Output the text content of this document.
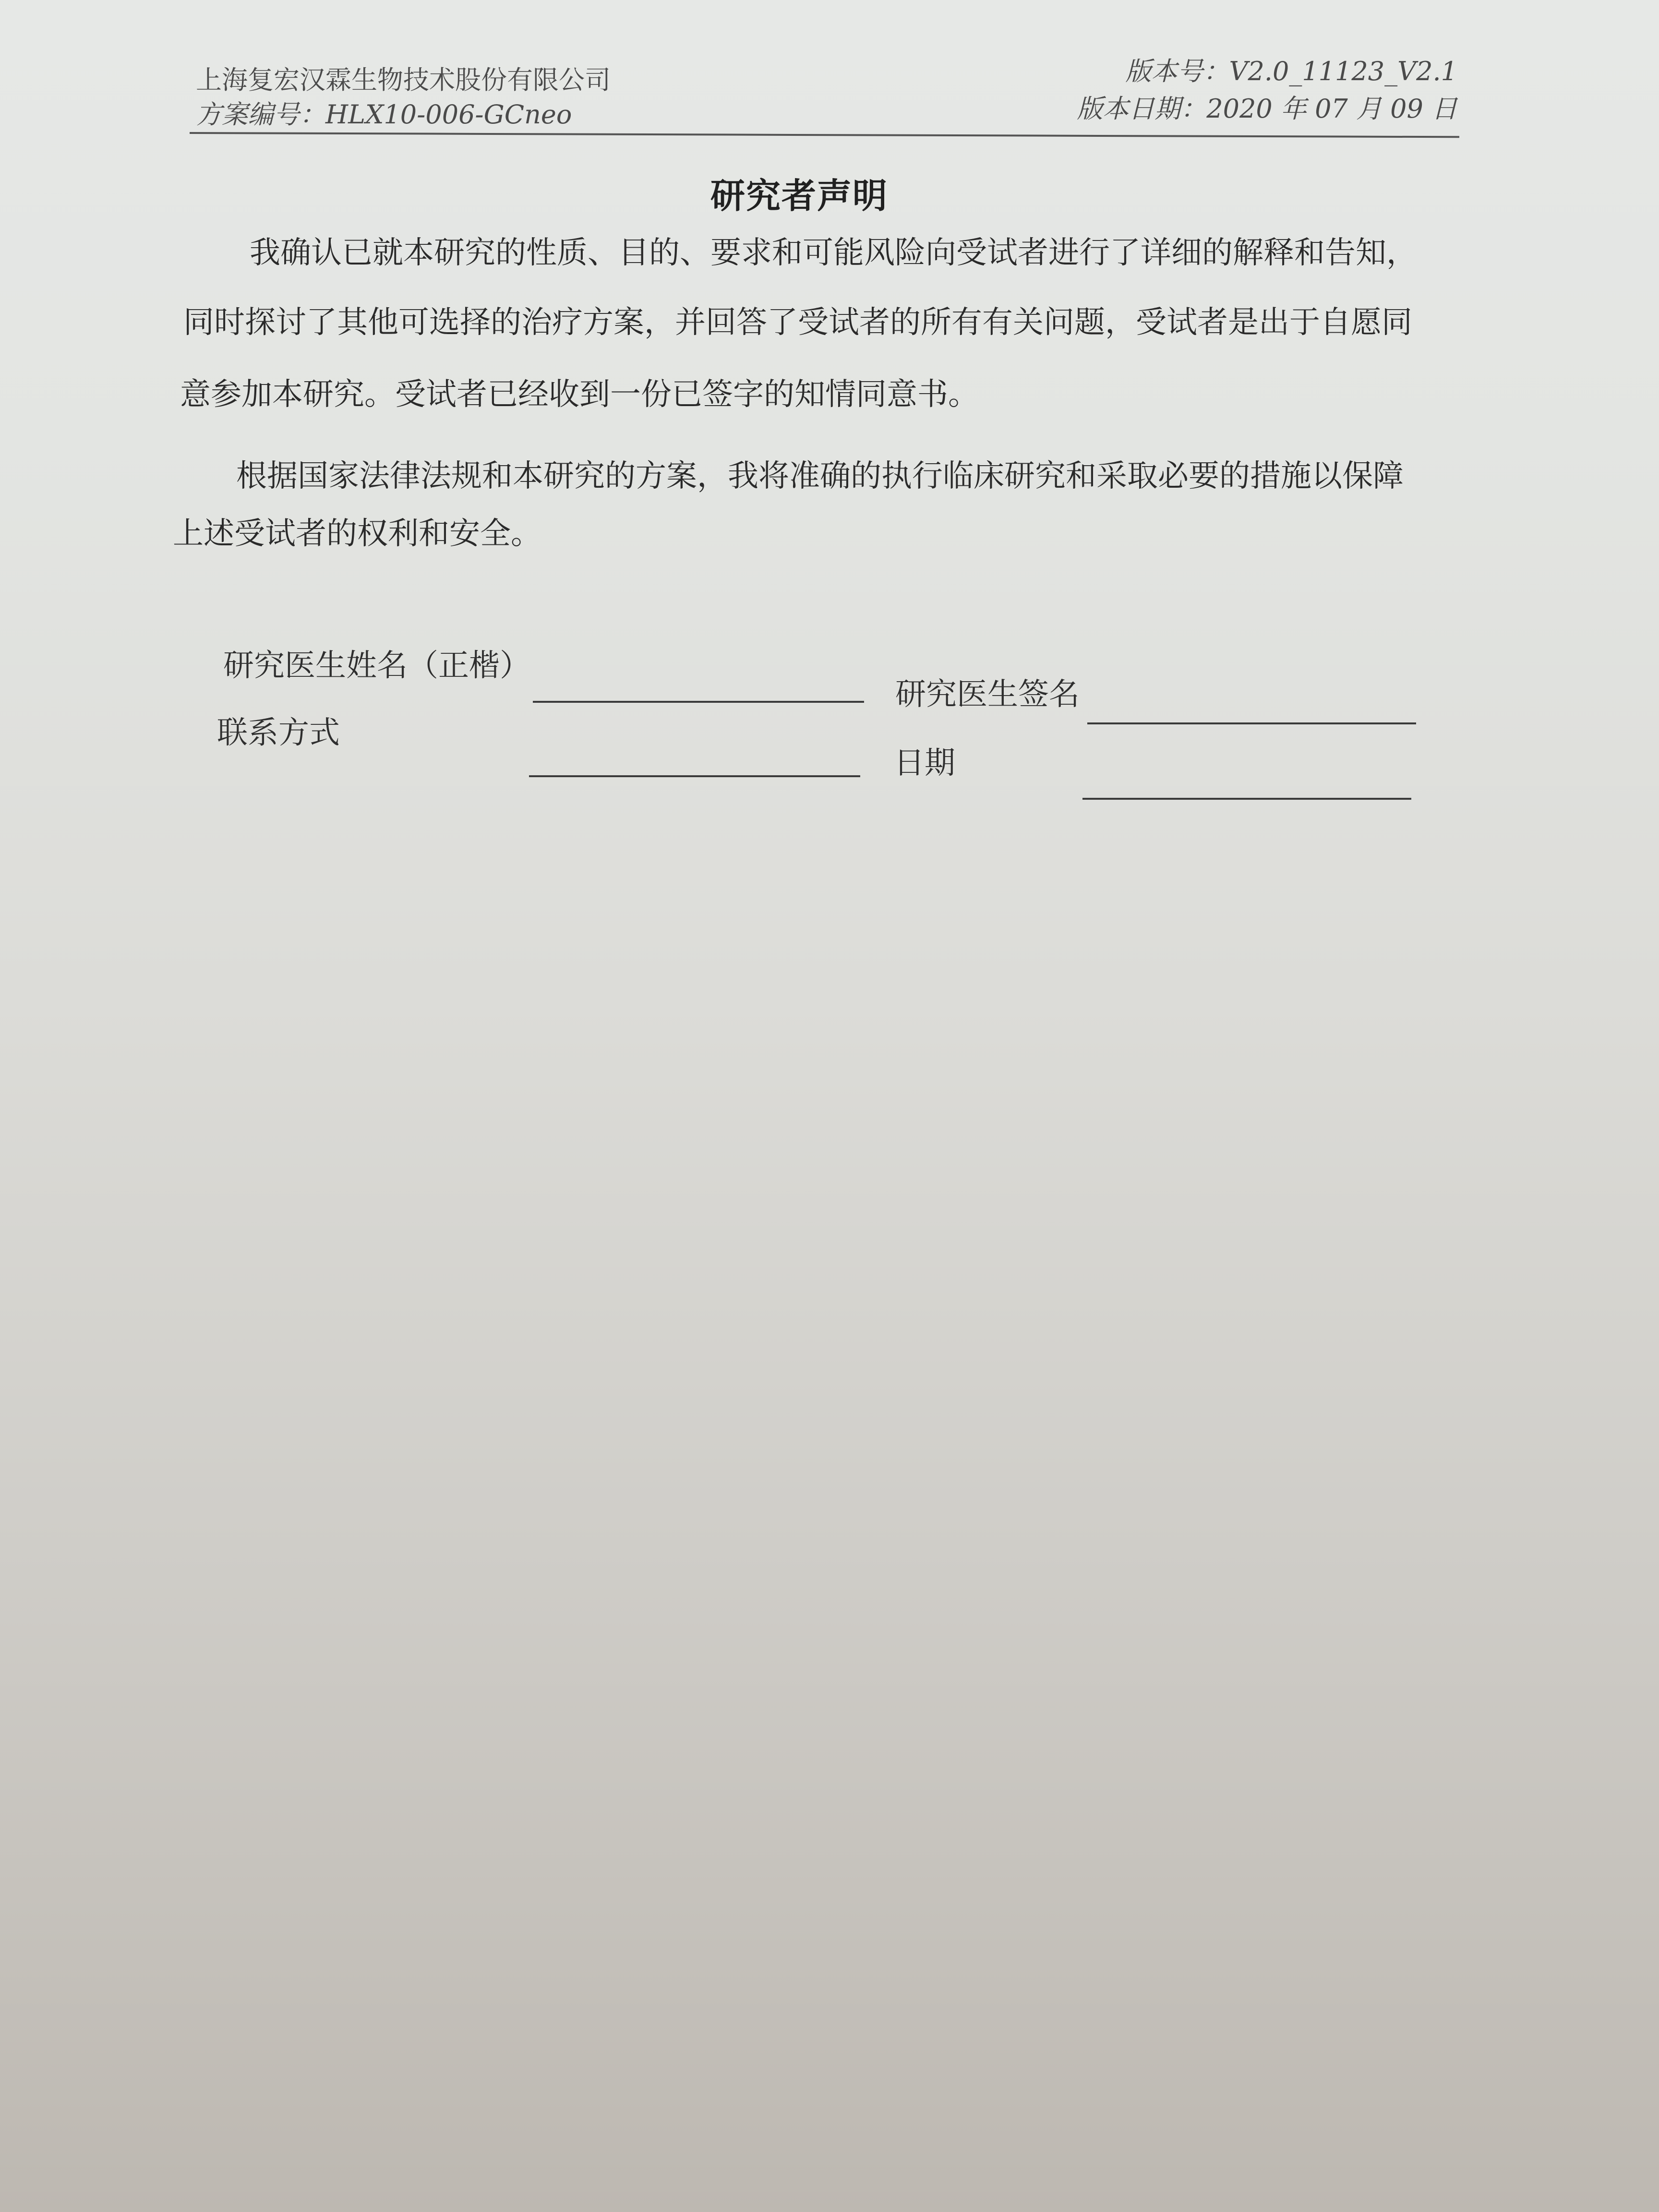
上海复宏汉霖生物技术股份有限公司
方案编号：HLX10-006-GCneo
版本号：V2.0_11123_V2.1
版本日期：2020 年 07 月 09 日
研究者声明
我确认已就本研究的性质、目的、要求和可能风险向受试者进行了详细的解释和告知，
同时探讨了其他可选择的治疗方案，并回答了受试者的所有有关问题，受试者是出于自愿同
意参加本研究。受试者已经收到一份已签字的知情同意书。
根据国家法律法规和本研究的方案，我将准确的执行临床研究和采取必要的措施以保障
上述受试者的权利和安全。
研究医生姓名（正楷）
研究医生签名
联系方式
日期
